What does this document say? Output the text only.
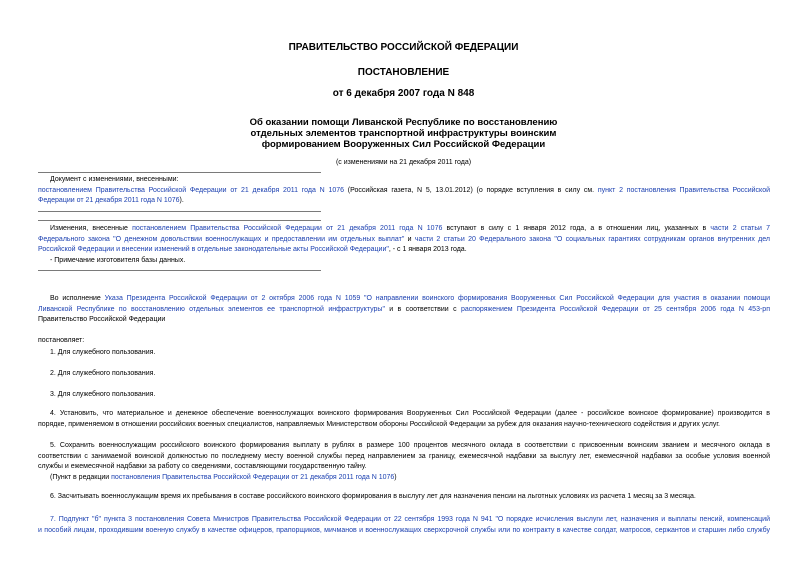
ПРАВИТЕЛЬСТВО РОССИЙСКОЙ ФЕДЕРАЦИИ
ПОСТАНОВЛЕНИЕ
от 6 декабря 2007 года N 848
Об оказании помощи Ливанской Республике по восстановлению
отдельных элементов транспортной инфраструктуры воинским
формированием Вооруженных Сил Российской Федерации
(с изменениями на 21 декабря 2011 года)
Документ с изменениями, внесенными:
постановлением Правительства Российской Федерации от 21 декабря 2011 года N 1076 (Российская газета, N 5, 13.01.2012) (о порядке вступления в силу см. пункт 2 постановления Правительства Российской
Федерации от 21 декабря 2011 года N 1076).
Изменения, внесенные постановлением Правительства Российской Федерации от 21 декабря 2011 года N 1076 вступают в силу с 1 января 2012 года, а в отношении лиц, указанных в части 2 статьи 7
Федерального закона "О денежном довольствии военнослужащих и предоставлении им отдельных выплат" и части 2 статьи 20 Федерального закона "О социальных гарантиях сотрудникам органов внутренних дел
Российской Федерации и внесении изменений в отдельные законодательные акты Российской Федерации", - с 1 января 2013 года.
- Примечание изготовителя базы данных.
Во исполнение Указа Президента Российской Федерации от 2 октября 2006 года N 1059 "О направлении воинского формирования Вооруженных Сил Российской Федерации для участия в оказании помощи
Ливанской Республике по восстановлению отдельных элементов ее транспортной инфраструктуры" и в соответствии с распоряжением Президента Российской Федерации от 25 сентября 2006 года N 453-рп
Правительство Российской Федерации
постановляет:
1. Для служебного пользования.
2. Для служебного пользования.
3. Для служебного пользования.
4. Установить, что материальное и денежное обеспечение военнослужащих воинского формирования Вооруженных Сил Российской Федерации (далее - российское воинское формирование) производится в
порядке, применяемом в отношении российских военных специалистов, направляемых Министерством обороны Российской Федерации за рубеж для оказания научно-технического содействия и других услуг.
5. Сохранить военнослужащим российского воинского формирования выплату в рублях в размере 100 процентов месячного оклада в соответствии с присвоенным воинским званием и месячного оклада в
соответствии с занимаемой воинской должностью по последнему месту военной службы перед направлением за границу, ежемесячной надбавки за выслугу лет, ежемесячной надбавки за особые условия военной
службы и ежемесячной надбавки за работу со сведениями, составляющими государственную тайну.
(Пункт в редакции постановления Правительства Российской Федерации от 21 декабря 2011 года N 1076)
6. Засчитывать военнослужащим время их пребывания в составе российского воинского формирования в выслугу лет для назначения пенсии на льготных условиях из расчета 1 месяц за 3 месяца.
7. Подпункт "б" пункта 3 постановления Совета Министров Правительства Российской Федерации от 22 сентября 1993 года N 941 "О порядке исчисления выслуги лет, назначения и выплаты пенсий, компенсаций
и пособий лицам, проходившим военную службу в качестве офицеров, прапорщиков, мичманов и военнослужащих сверхсрочной службы или по контракту в качестве солдат, матросов, сержантов и старшин либо службу
